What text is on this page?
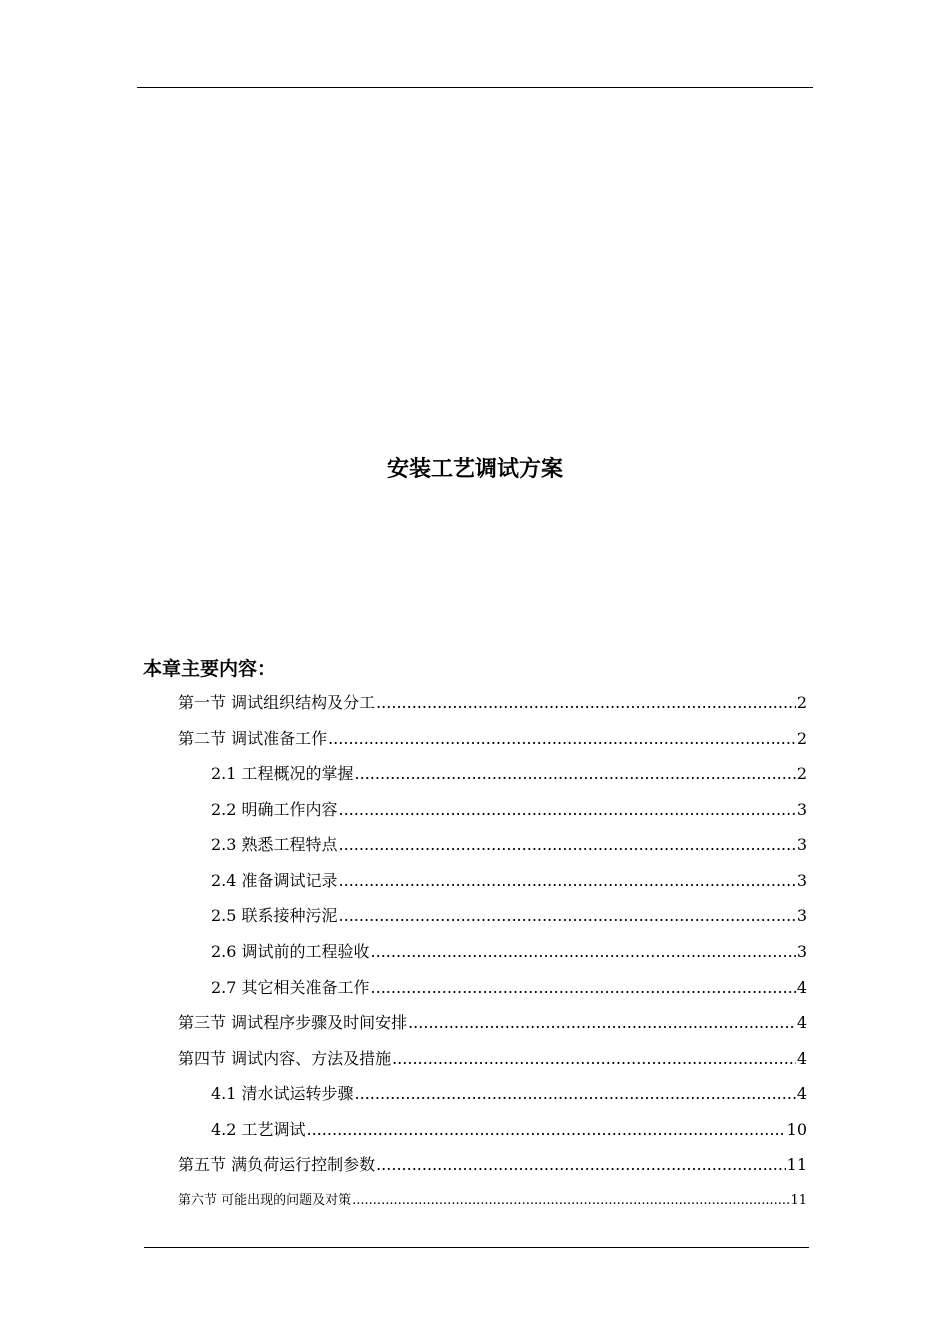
安装工艺调试方案
本章主要内容：
第一节 调试组织结构及分工 .....	2
第二节 调试准备工作 .....	2
2.1 工程概况的掌握 .....	2
2.2 明确工作内容 .....	3
2.3 熟悉工程特点 .....	3
2.4 准备调试记录 .....	3
2.5 联系接种污泥 .....	3
2.6 调试前的工程验收 .....	3
2.7 其它相关准备工作 .....	4
第三节 调试程序步骤及时间安排 .....	4
第四节 调试内容、方法及措施 .....	4
4.1 清水试运转步骤 .....	4
4.2 工艺调试 .....	10
第五节 满负荷运行控制参数 .....	11
第六节 可能出现的问题及对策 .....	11
